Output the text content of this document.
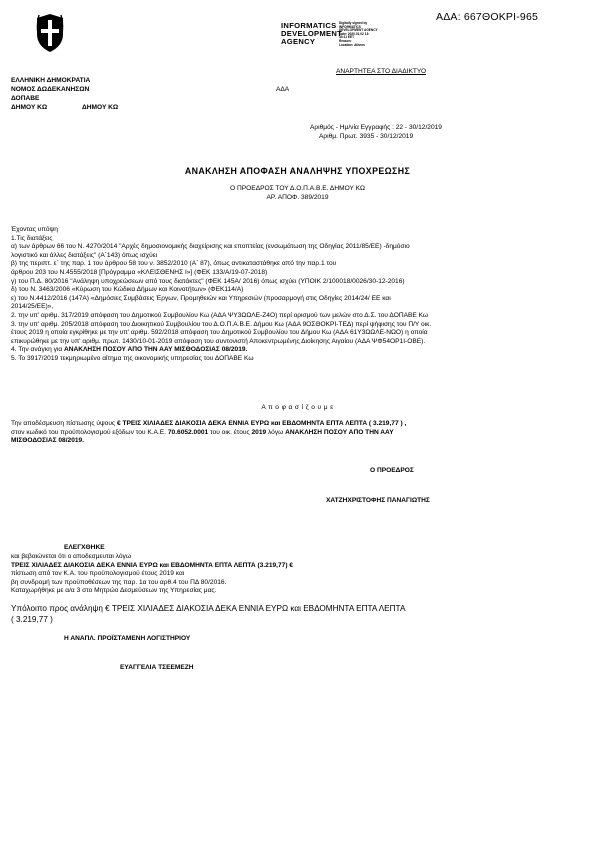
ΑΔΑ: 667ΘΟΚΡΙ-965
INFORMATICS
DEVELOPMENT
AGENCY
Digitally signed by
INFORMATICS
DEVELOPMENT AGENCY
Date: 2020.01.02 13:
43:11 EET
Reason:
Location: Athens
ΑΝΑΡΤΗΤΕΑ ΣΤΟ ΔΙΑΔΙΚΤΥΟ
ΕΛΛΗΝΙΚΗ ΔΗΜΟΚΡΑΤΙΑ
ΝΟΜΟΣ ΔΩΔΕΚΑΝΗΣΩΝ
ΔΟΠΑΒΕ
ΔΗΜΟΥ ΚΩ	ΔΗΜΟΥ ΚΩ
ΑΔΑ
Αριθμός - Ημ/νία Εγγραφής : 22 - 30/12/2019
Αριθμ. Πρωτ. 3935 - 30/12/2019
ΑΝΑΚΛΗΣΗ ΑΠΟΦΑΣΗ ΑΝΑΛΗΨΗΣ ΥΠΟΧΡΕΩΣΗΣ
Ο ΠΡΟΕΔΡΟΣ ΤΟΥ Δ.Ο.Π.Α.Β.Ε. ΔΗΜΟΥ ΚΩ
ΑΡ. ΑΠΟΦ. 389/2019
Έχοντας υπόψη
1.Τις διατάξεις
α) των άρθρων 66 του Ν. 4270/2014 "Αρχές δημοσιονομικής διαχείρισης και εποπτείας (ενσωμάτωση της Οδηγίας 2011/85/ΕΕ) -δημόσιο
λογιστικό και άλλες διατάξεις" (Α΄143) όπως ισχύει
β) της περιπτ. ε΄ της παρ. 1 του άρθρου 58 του ν. 3852/2010 (Α΄ 87), όπως αντικαταστάθηκε από την παρ.1 του
άρθρου 203 του Ν.4555/2018 [Πρόγραμμα «ΚΛΕΙΣΘΕΝΗΣ Ι»] (ΦΕΚ 133/Α/19-07-2018)
γ) του Π.Δ. 80/2016 "Ανάληψη υποχρεώσεων από τους διατάκτες" (ΦΕΚ 145Α/ 2016) όπως ισχύει (ΥΠΟΙΚ 2/100018/0026/30-12-2016)
δ) του Ν. 3463/2006 «Κύρωση του Κώδικα Δήμων και Κοινοτήτων» (ΦΕΚ114/Α)
ε) του Ν.4412/2016 (147Α) «Δημόσιες Συμβάσεις Έργων, Προμηθειών και Υπηρεσιών (προσαρμογή στις Οδηγίες 2014/24/ ΕΕ και
2014/25/ΕΕ)»,
2. την υπ' αριθμ. 317/2019 απόφαση του Δημοτικού Συμβουλίου Κω (ΑΔΑ ΨΥ3ΩΩΛΕ-Ζ4Ο) περί ορισμού των μελών στο Δ.Σ. του ΔΟΠΑΒΕ Κω
3. την υπ' αριθμ. 205/2018 απόφαση του Διοικητικού Συμβουλίου του Δ.Ο.Π.Α.Β.Ε. Δήμου Κω (ΑΔΑ 9ΟΣΘΟΚΡΙ-ΤΕΔ) περί ψήφισης του Π/Υ οικ.
έτους 2019 η οποία εγκρίθηκε με την υπ' αριθμ. 592/2018 απόφαση του Δημοτικού Συμβουλίου του Δήμου Κω (ΑΔΑ 61Υ3ΩΩΛΕ-ΝΩΟ) η οποία
επικυρώθηκε με την υπ' αριθμ. πρωτ. 1430/10-01-2019 απόφαση του συντονιστή Αποκεντρωμένης Διοίκησης Αιγαίου (ΑΔΑ ΨΦ54ΟΡ1Ι-ΟΒΕ).
4. Την ανάγκη για ΑΝΑΚΛΗΣΗ ΠΟΣΟΥ ΑΠΟ ΤΗΝ ΑΑΥ ΜΙΣΘΟΔΟΣΙΑΣ 08/2019.
5. Το 3917/2019 τεκμηριωμένο αίτημα της οικονομικής υπηρεσίας του ΔΟΠΑΒΕ Κω
Α π ο φ α σ ί ζ ο υ μ ε
Την αποδέσμευση πίστωσης ύψους € ΤΡΕΙΣ ΧΙΛΙΑΔΕΣ ΔΙΑΚΟΣΙΑ ΔΕΚΑ ΕΝΝΙΑ ΕΥΡΩ και ΕΒΔΟΜΗΝΤΑ ΕΠΤΑ ΛΕΠΤΑ ( 3.219,77 ) ,
στον κωδικό του προϋπολογισμού εξόδων του Κ.Α.Ε. 70.6052.0001 του οικ. έτους 2019 λόγω ΑΝΑΚΛΗΣΗ ΠΟΣΟΥ ΑΠΟ ΤΗΝ ΑΑΥ
ΜΙΣΘΟΔΟΣΙΑΣ 08/2019.
Ο ΠΡΟΕΔΡΟΣ
ΧΑΤΖΗΧΡΙΣΤΟΦΗΣ ΠΑΝΑΓΙΩΤΗΣ
ΕΛΕΓΧΘΗΚΕ
και βεβαιώνεται ότι ο αποδεσμευται λόγω
ΤΡΕΙΣ ΧΙΛΙΑΔΕΣ ΔΙΑΚΟΣΙΑ ΔΕΚΑ ΕΝΝΙΑ ΕΥΡΩ και ΕΒΔΟΜΗΝΤΑ ΕΠΤΑ ΛΕΠΤΑ (3.219,77) €
πίστωση από τον Κ.Α. του προϋπολογισμού έτους 2019 και
βη συνδρομή των προϋποθέσεων της παρ. 1α του αρθ.4 του ΠΔ 80/2016.
Καταχωρήθηκε με α/α 3 στο Μητρώο Δεσμεύσεων της Υπηρεσίας μας.
Υπόλοιπο προς ανάληψη € ΤΡΕΙΣ ΧΙΛΙΑΔΕΣ ΔΙΑΚΟΣΙΑ ΔΕΚΑ ΕΝΝΙΑ ΕΥΡΩ και ΕΒΔΟΜΗΝΤΑ ΕΠΤΑ ΛΕΠΤΑ
( 3.219,77 )
Η ΑΝΑΠΛ. ΠΡΟΪΣΤΑΜΕΝΗ ΛΟΓΙΣΤΗΡΙΟΥ
ΕΥΑΓΓΕΛΙΑ ΤΣΕΕΜΕΖΗ
